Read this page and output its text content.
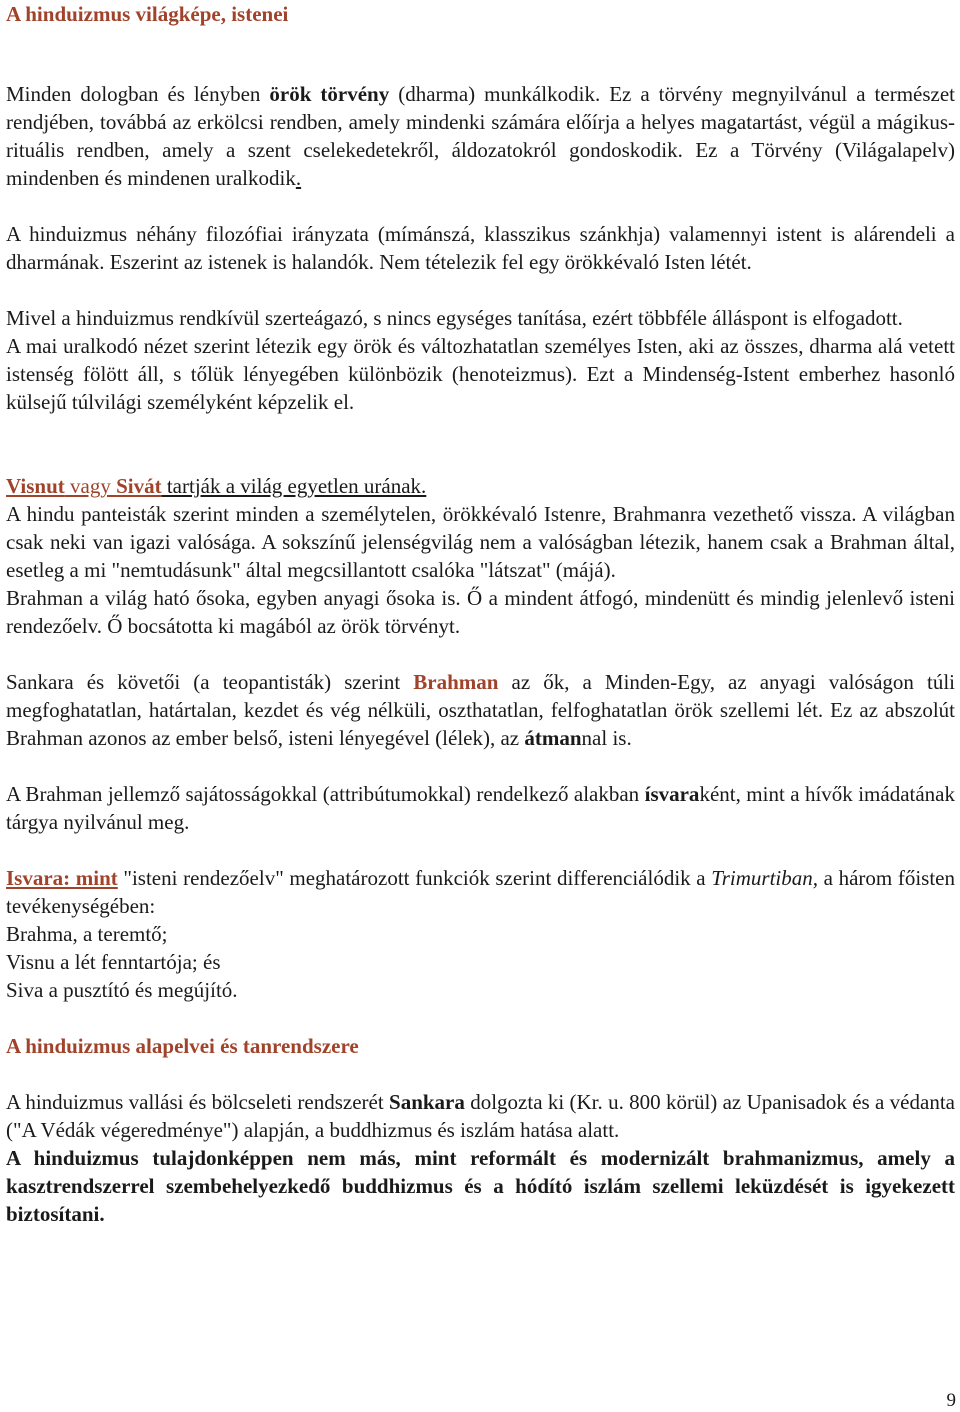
A hinduizmus világképe, istenei

Minden dologban és lényben örök törvény (dharma) munkálkodik. Ez a törvény megnyilvánul a természet rendjében, továbbá az erkölcsi rendben, amely mindenki számára előírja a helyes magatartást, végül a mágikus-rituális rendben, amely a szent cselekedetekről, áldozatokról gondoskodik. Ez a Törvény (Világalapelv) mindenben és mindenen uralkodik.

A hinduizmus néhány filozófiai irányzata (mímánszá, klasszikus szánkhja) valamennyi istent is alárendeli a dharmának. Eszerint az istenek is halandók. Nem tételezik fel egy örökkévaló Isten létét.

Mivel a hinduizmus rendkívül szerteágazó, s nincs egységes tanítása, ezért többféle álláspont is elfogadott.

A mai uralkodó nézet szerint létezik egy örök és változhatatlan személyes Isten, aki az összes, dharma alá vetett istenség fölött áll, s tőlük lényegében különbözik (henoteizmus). Ezt a Mindenség-Istent emberhez hasonló külsejű túlvilági személyként képzelik el.

Visnut vagy Sivát tartják a világ egyetlen urának.

A hindu panteisták szerint minden a személytelen, örökkévaló Istenre, Brahmanra vezethető vissza. A világban csak neki van igazi valósága. A sokszínű jelenségvilág nem a valóságban létezik, hanem csak a Brahman által, esetleg a mi "nemtudásunk" által megcsillantott csalóka "látszat" (májá).

Brahman a világ ható ősoka, egyben anyagi ősoka is. Ő a mindent átfogó, mindenütt és mindig jelenlevő isteni rendezőelv. Ő bocsátotta ki magából az örök törvényt.

Sankara és követői (a teopantisták) szerint Brahman az ők, a Minden-Egy, az anyagi valóságon túli megfoghatatlan, határtalan, kezdet és vég nélküli, oszthatatlan, felfoghatatlan örök szellemi lét. Ez az abszolút Brahman azonos az ember belső, isteni lényegével (lélek), az átmannal is.

A Brahman jellemző sajátosságokkal (attribútumokkal) rendelkező alakban ísvaraként, mint a hívők imádatának tárgya nyilvánul meg.

Isvara: mint "isteni rendezőelv" meghatározott funkciók szerint differenciálódik a Trimurtiban, a három főisten tevékenységében:

Brahma, a teremtő;
Visnu a lét fenntartója; és
Siva a pusztító és megújító.
A hinduizmus alapelvei és tanrendszere

A hinduizmus vallási és bölcseleti rendszerét Sankara dolgozta ki (Kr. u. 800 körül) az Upanisadok és a védanta ("A Védák végeredménye") alapján, a buddhizmus és iszlám hatása alatt.

A hinduizmus tulajdonképpen nem más, mint reformált és modernizált brahmanizmus, amely a kasztrendszerrel szembehelyezkedő buddhizmus és a hódító iszlám szellemi leküzdését is igyekezett biztosítani.

9
